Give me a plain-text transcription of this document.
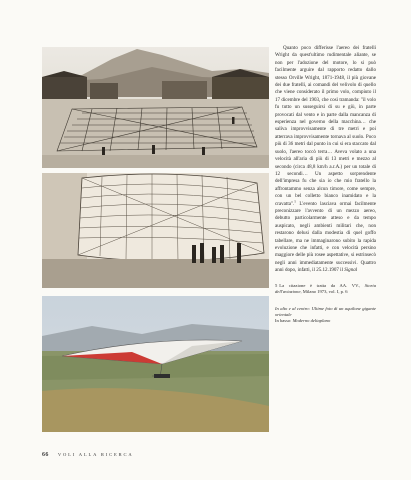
Quanto poco differisse l'aereo dei fratelli Wright da quest'ultimo rudimentale aliante, se non per l'adozione del motore, lo si può facilmente arguire dal rapporto redatto dallo stesso Orville Wright, 1871-1948, il più giovane dei due fratelli, ai comandi del velivolo di quello che viene considerato il primo volo, compiuto il 17 dicembre del 1903, che così tramanda: "il volo fu tutto un susseguirsi di su e giù, in parte provocati dal vento e in parte dalla mancanza di esperienza nel governo della macchina… che saliva improvvisamente di tre metri e poi atterrava improvvisamente tornava al suolo. Poco più di 36 metri dal punto in cui si era staccato dal suolo, l'aereo toccò terra… Aveva volato a una velocità all'aria di più di 13 metri e mezzo al secondo (circa 48,8 km/h a.r.A.) per un totale di 12 secondi… Un aspetto sorprendente dell'impresa fu che sia io che mio fratello la affrontammo senza alcun timore, come sempre, con un bel colletto bianco inamidato e la cravatta".$^5$ L'evento lasciava ormai facilmente preconizzare l'avvento di un mezzo aereo, debutto particolarmente atteso e da tempo auspicato, negli ambienti militari che, non restarono delusi dalla modestia di quel goffo tabellare, ma ne immaginarono subito la rapida evoluzione che infatti, e con velocità persino maggiore delle più rosee aspettative, si estrinsecò negli anni immediatamente successivi. Quattro anni dopo, infatti, il 25.12.1907 il Signal

5 La citazione è tratta da AA. VV., Storia dell'aviazione, Milano 1973, vol. I, p. 6

In alto e al centro: Ultime foto di un aquilone gigante orientale
In basso: Moderno deltaplano

66 VOLI ALLA RICERCA
